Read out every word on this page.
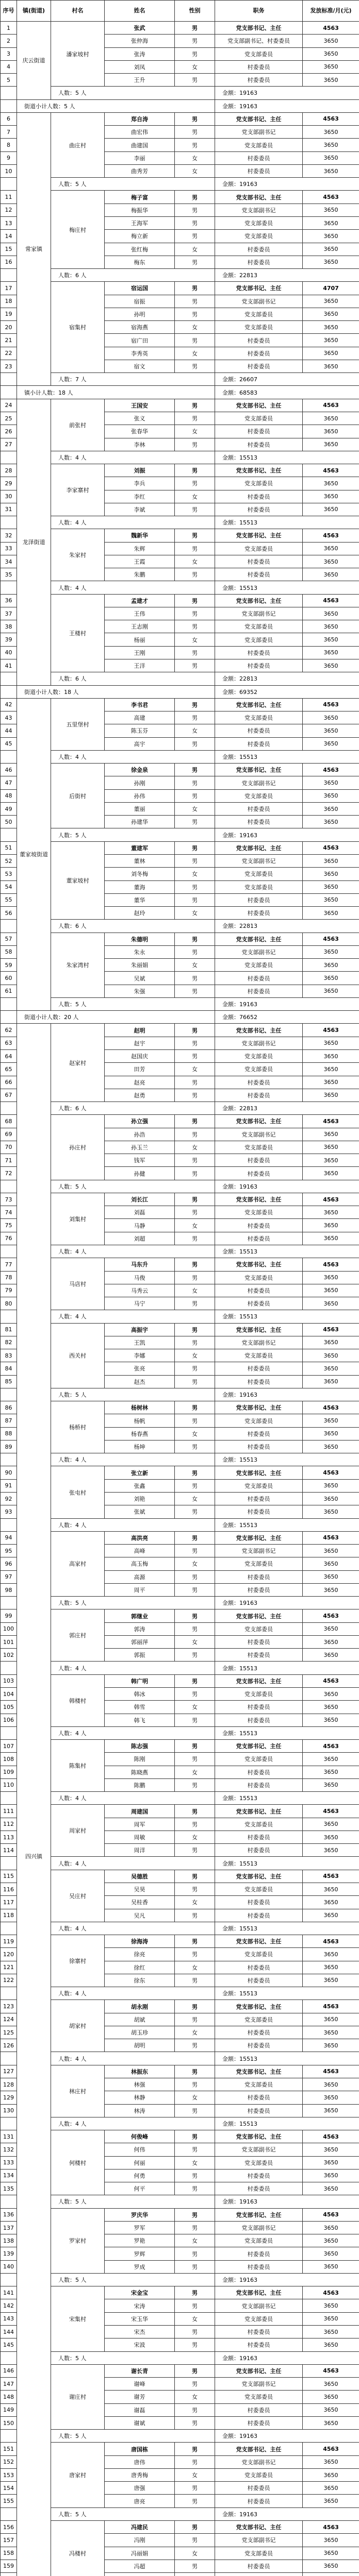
序号	镇(街道)	村名	姓名	性别	职务	发放标准/月(元)
1	庆云街道	潘家坡村	张武	男	党支部书记、主任	4563
2			张仲海	男	党支部副书记、村委委员	3650
3			张涛	男	党支部委员	3650
4			刘凤	女	村委委员	3650
5			王升	男	村委委员	3650
		人数：5 人			金额：19163	
	街道小计人数：5 人				金额：19163	
6	常家镇	曲庄村	郑自涛	男	党支部书记、主任	4563
7			曲宏伟	男	党支部副书记	3650
8			曲建国	男	党支部委员	3650
9			李丽	女	村委委员	3650
10			曲秀芳	女	村委委员	3650
		人数：5 人			金额：19163	
11		梅庄村	梅子富	男	党支部书记、主任	4563
12			梅振华	男	党支部副书记	3650
13			王海军	男	党支部委员	3650
14			梅立新	男	党支部委员	3650
15			张红梅	女	村委委员	3650
16			梅东	男	村委委员	3650
		人数：6 人			金额：22813	
17		宿集村	宿运国	男	党支部书记、主任	4707
18			宿振	男	党支部副书记	3650
19			孙明	男	党支部委员	3650
20			宿海燕	女	党支部委员	3650
21			宿广田	男	村委委员	3650
22			李秀英	女	村委委员	3650
23			宿文	男	村委委员	3650
		人数：7 人			金额：26607	
	镇小计人数：18 人				金额：68583	
24	龙泽街道	前张村	王国安	男	党支部书记、主任	4563
25			张义	男	党支部委员	3650
26			张春华	女	村委委员	3650
27			李林	男	村委委员	3650
		人数：4 人			金额：15513	
28		李家寨村	刘振	男	党支部书记、主任	4563
29			李兵	男	党支部委员	3650
30			李红	女	村委委员	3650
31			李斌	男	村委委员	3650
		人数：4 人			金额：15513	
32		朱家村	魏新华	男	党支部书记、主任	4563
33			朱辉	男	党支部委员	3650
34			王霞	女	村委委员	3650
35			朱鹏	男	村委委员	3650
		人数：4 人			金额：15513	
36		王楼村	孟建才	男	党支部书记、主任	4563
37			王伟	男	党支部副书记	3650
38			王志刚	男	党支部委员	3650
39			杨丽	女	党支部委员	3650
40			王刚	男	村委委员	3650
41			王洋	男	村委委员	3650
		人数：6 人			金额：22813	
	街道小计人数：18 人				金额：69352	
42	董家坡街道	五里堡村	李书君	男	党支部书记、主任	4563
43			高建	男	党支部委员	3650
44			陈玉芬	女	村委委员	3650
45			高宇	男	村委委员	3650
		人数：4 人			金额：15513	
46		后街村	徐金泉	男	党支部书记、主任	4563
47			孙刚	男	党支部副书记	3650
48			孙伟	男	党支部委员	3650
49			董丽	女	村委委员	3650
50			孙建华	男	村委委员	3650
		人数：5 人			金额：19163	
51		董家坡村	董建军	男	党支部书记、主任	4563
52			董林	男	党支部副书记	3650
53			刘冬梅	女	党支部委员	3650
54			董海	男	党支部委员	3650
55			董华	男	村委委员	3650
56			赵玲	女	村委委员	3650
		人数：6 人			金额：22813	
57		朱家湾村	朱德明	男	党支部书记、主任	4563
58			朱永	男	党支部副书记	3650
59			朱丽娟	女	党支部委员	3650
60			吴斌	男	村委委员	3650
61			朱强	男	村委委员	3650
		人数：5 人			金额：19163	
	街道小计人数：20 人				金额：76652	
62	四兴镇	赵家村	赵明	男	党支部书记、主任	4563
63			赵宇	男	党支部副书记	3650
64			赵国庆	男	党支部委员	3650
65			田芳	女	党支部委员	3650
66			赵亮	男	村委委员	3650
67			赵勇	男	村委委员	3650
		人数：6 人			金额：22813	
68		孙庄村	孙立强	男	党支部书记、主任	4563
69			孙浩	男	党支部副书记	3650
70			孙玉兰	女	党支部委员	3650
71			钱军	男	村委委员	3650
72			孙健	男	村委委员	3650
		人数：5 人			金额：19163	
73		刘集村	刘长江	男	党支部书记、主任	4563
74			刘磊	男	党支部委员	3650
75			马静	女	村委委员	3650
76			刘超	男	村委委员	3650
		人数：4 人			金额：15513	
77		马店村	马东升	男	党支部书记、主任	4563
78			马俊	男	党支部委员	3650
79			马秀云	女	村委委员	3650
80			马宁	男	村委委员	3650
		人数：4 人			金额：15513	
81		西关村	高振宇	男	党支部书记、主任	4563
82			王凯	男	党支部副书记	3650
83			李娜	女	党支部委员	3650
84			张亮	男	村委委员	3650
85			赵杰	男	村委委员	3650
		人数：5 人			金额：19163	
86		杨桥村	杨树林	男	党支部书记、主任	4563
87			杨帆	男	党支部委员	3650
88			杨春燕	女	村委委员	3650
89			杨坤	男	村委委员	3650
		人数：4 人			金额：15513	
90		张屯村	张立新	男	党支部书记、主任	4563
91			张鑫	男	党支部委员	3650
92			刘艳	女	村委委员	3650
93			张斌	男	村委委员	3650
		人数：4 人			金额：15513	
94		高家村	高洪亮	男	党支部书记、主任	4563
95			高峰	男	党支部副书记	3650
96			高玉梅	女	党支部委员	3650
97			高源	男	村委委员	3650
98			周平	男	村委委员	3650
		人数：5 人			金额：19163	
99		郭庄村	郭继业	男	党支部书记、主任	4563
100			郭涛	男	党支部委员	3650
101			郭丽萍	女	村委委员	3650
102			郭振	男	村委委员	3650
		人数：4 人			金额：15513	
103		韩楼村	韩广明	男	党支部书记、主任	4563
104			韩冰	男	党支部委员	3650
105			韩雪	女	村委委员	3650
106			韩飞	男	村委委员	3650
		人数：4 人			金额：15513	
107		陈集村	陈志强	男	党支部书记、主任	4563
108			陈刚	男	党支部委员	3650
109			陈晓燕	女	村委委员	3650
110			陈鹏	男	村委委员	3650
		人数：4 人			金额：15513	
111		周家村	周建国	男	党支部书记、主任	4563
112			周军	男	党支部委员	3650
113			周敏	女	村委委员	3650
114			周洋	男	村委委员	3650
		人数：4 人			金额：15513	
115		吴庄村	吴德胜	男	党支部书记、主任	4563
116			吴昊	男	党支部委员	3650
117			吴桂香	女	村委委员	3650
118			吴凡	男	村委委员	3650
		人数：4 人			金额：15513	
119		徐寨村	徐海涛	男	党支部书记、主任	4563
120			徐亮	男	党支部委员	3650
121			徐红	女	村委委员	3650
122			徐东	男	村委委员	3650
		人数：4 人			金额：15513	
123		胡家村	胡永刚	男	党支部书记、主任	4563
124			胡斌	男	党支部委员	3650
125			胡玉珍	女	村委委员	3650
126			胡明	男	村委委员	3650
		人数：4 人			金额：15513	
127		林庄村	林振东	男	党支部书记、主任	4563
128			林强	男	党支部委员	3650
129			林静	女	村委委员	3650
130			林涛	男	村委委员	3650
		人数：4 人			金额：15513	
131		何楼村	何俊峰	男	党支部书记、主任	4563
132			何伟	男	党支部副书记	3650
133			何丽	女	党支部委员	3650
134			何勇	男	村委委员	3650
135			何平	男	村委委员	3650
		人数：5 人			金额：19163	
136		罗家村	罗庆华	男	党支部书记、主任	4563
137			罗军	男	党支部副书记	3650
138			罗艳	女	党支部委员	3650
139			罗辉	男	村委委员	3650
140			罗成	男	村委委员	3650
		人数：5 人			金额：19163	
141		宋集村	宋金宝	男	党支部书记、主任	4563
142			宋涛	男	党支部副书记	3650
143			宋玉华	女	党支部委员	3650
144			宋杰	男	村委委员	3650
145			宋波	男	村委委员	3650
		人数：5 人			金额：19163	
146		谢庄村	谢长青	男	党支部书记、主任	4563
147			谢峰	男	党支部副书记	3650
148			谢芳	女	党支部委员	3650
149			谢磊	男	村委委员	3650
150			谢斌	男	村委委员	3650
		人数：5 人			金额：19163	
151		唐家村	唐国栋	男	党支部书记、主任	4563
152			唐伟	男	党支部副书记	3650
153			唐秀梅	女	党支部委员	3650
154			唐强	男	村委委员	3650
155			唐亮	男	村委委员	3650
		人数：5 人			金额：19163	
156		冯楼村	冯建民	男	党支部书记、主任	4563
157			冯刚	男	党支部副书记	3650
158			冯丽娟	女	党支部委员	3650
159			冯超	男	村委委员	3650
